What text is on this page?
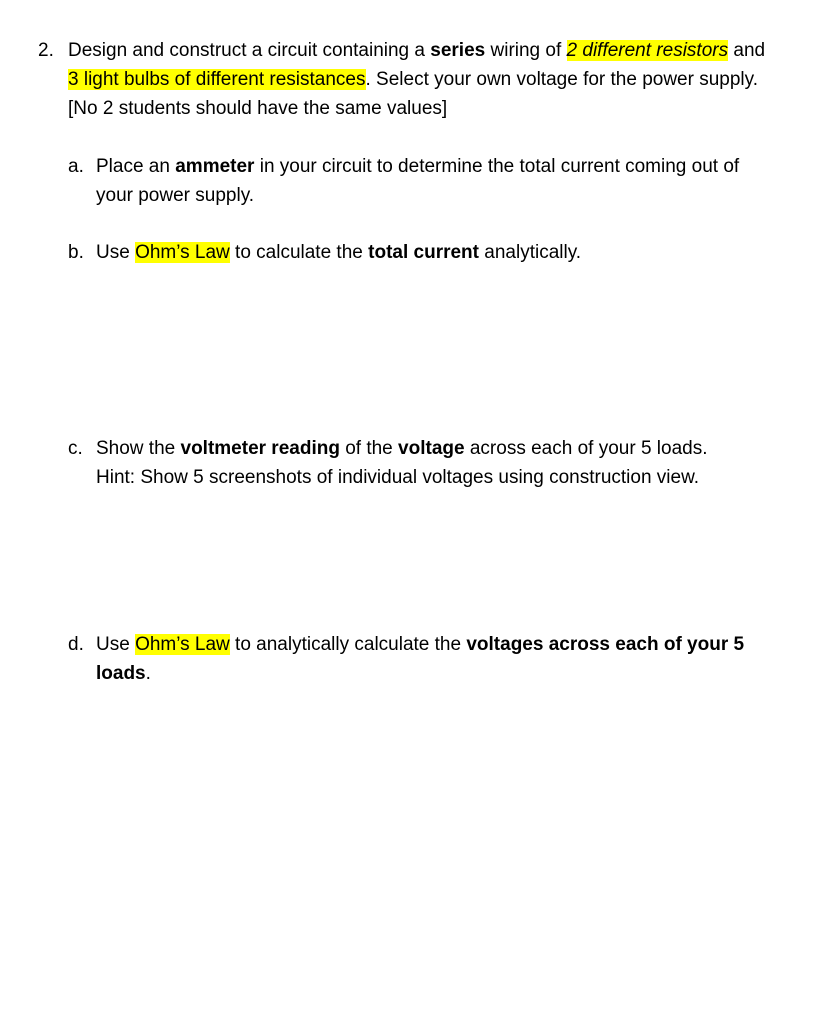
2. Design and construct a circuit containing a series wiring of 2 different resistors and 3 light bulbs of different resistances. Select your own voltage for the power supply. [No 2 students should have the same values]
a. Place an ammeter in your circuit to determine the total current coming out of your power supply.
b. Use Ohm’s Law to calculate the total current analytically.
c. Show the voltmeter reading of the voltage across each of your 5 loads.
Hint: Show 5 screenshots of individual voltages using construction view.
d. Use Ohm’s Law to analytically calculate the voltages across each of your 5 loads.
